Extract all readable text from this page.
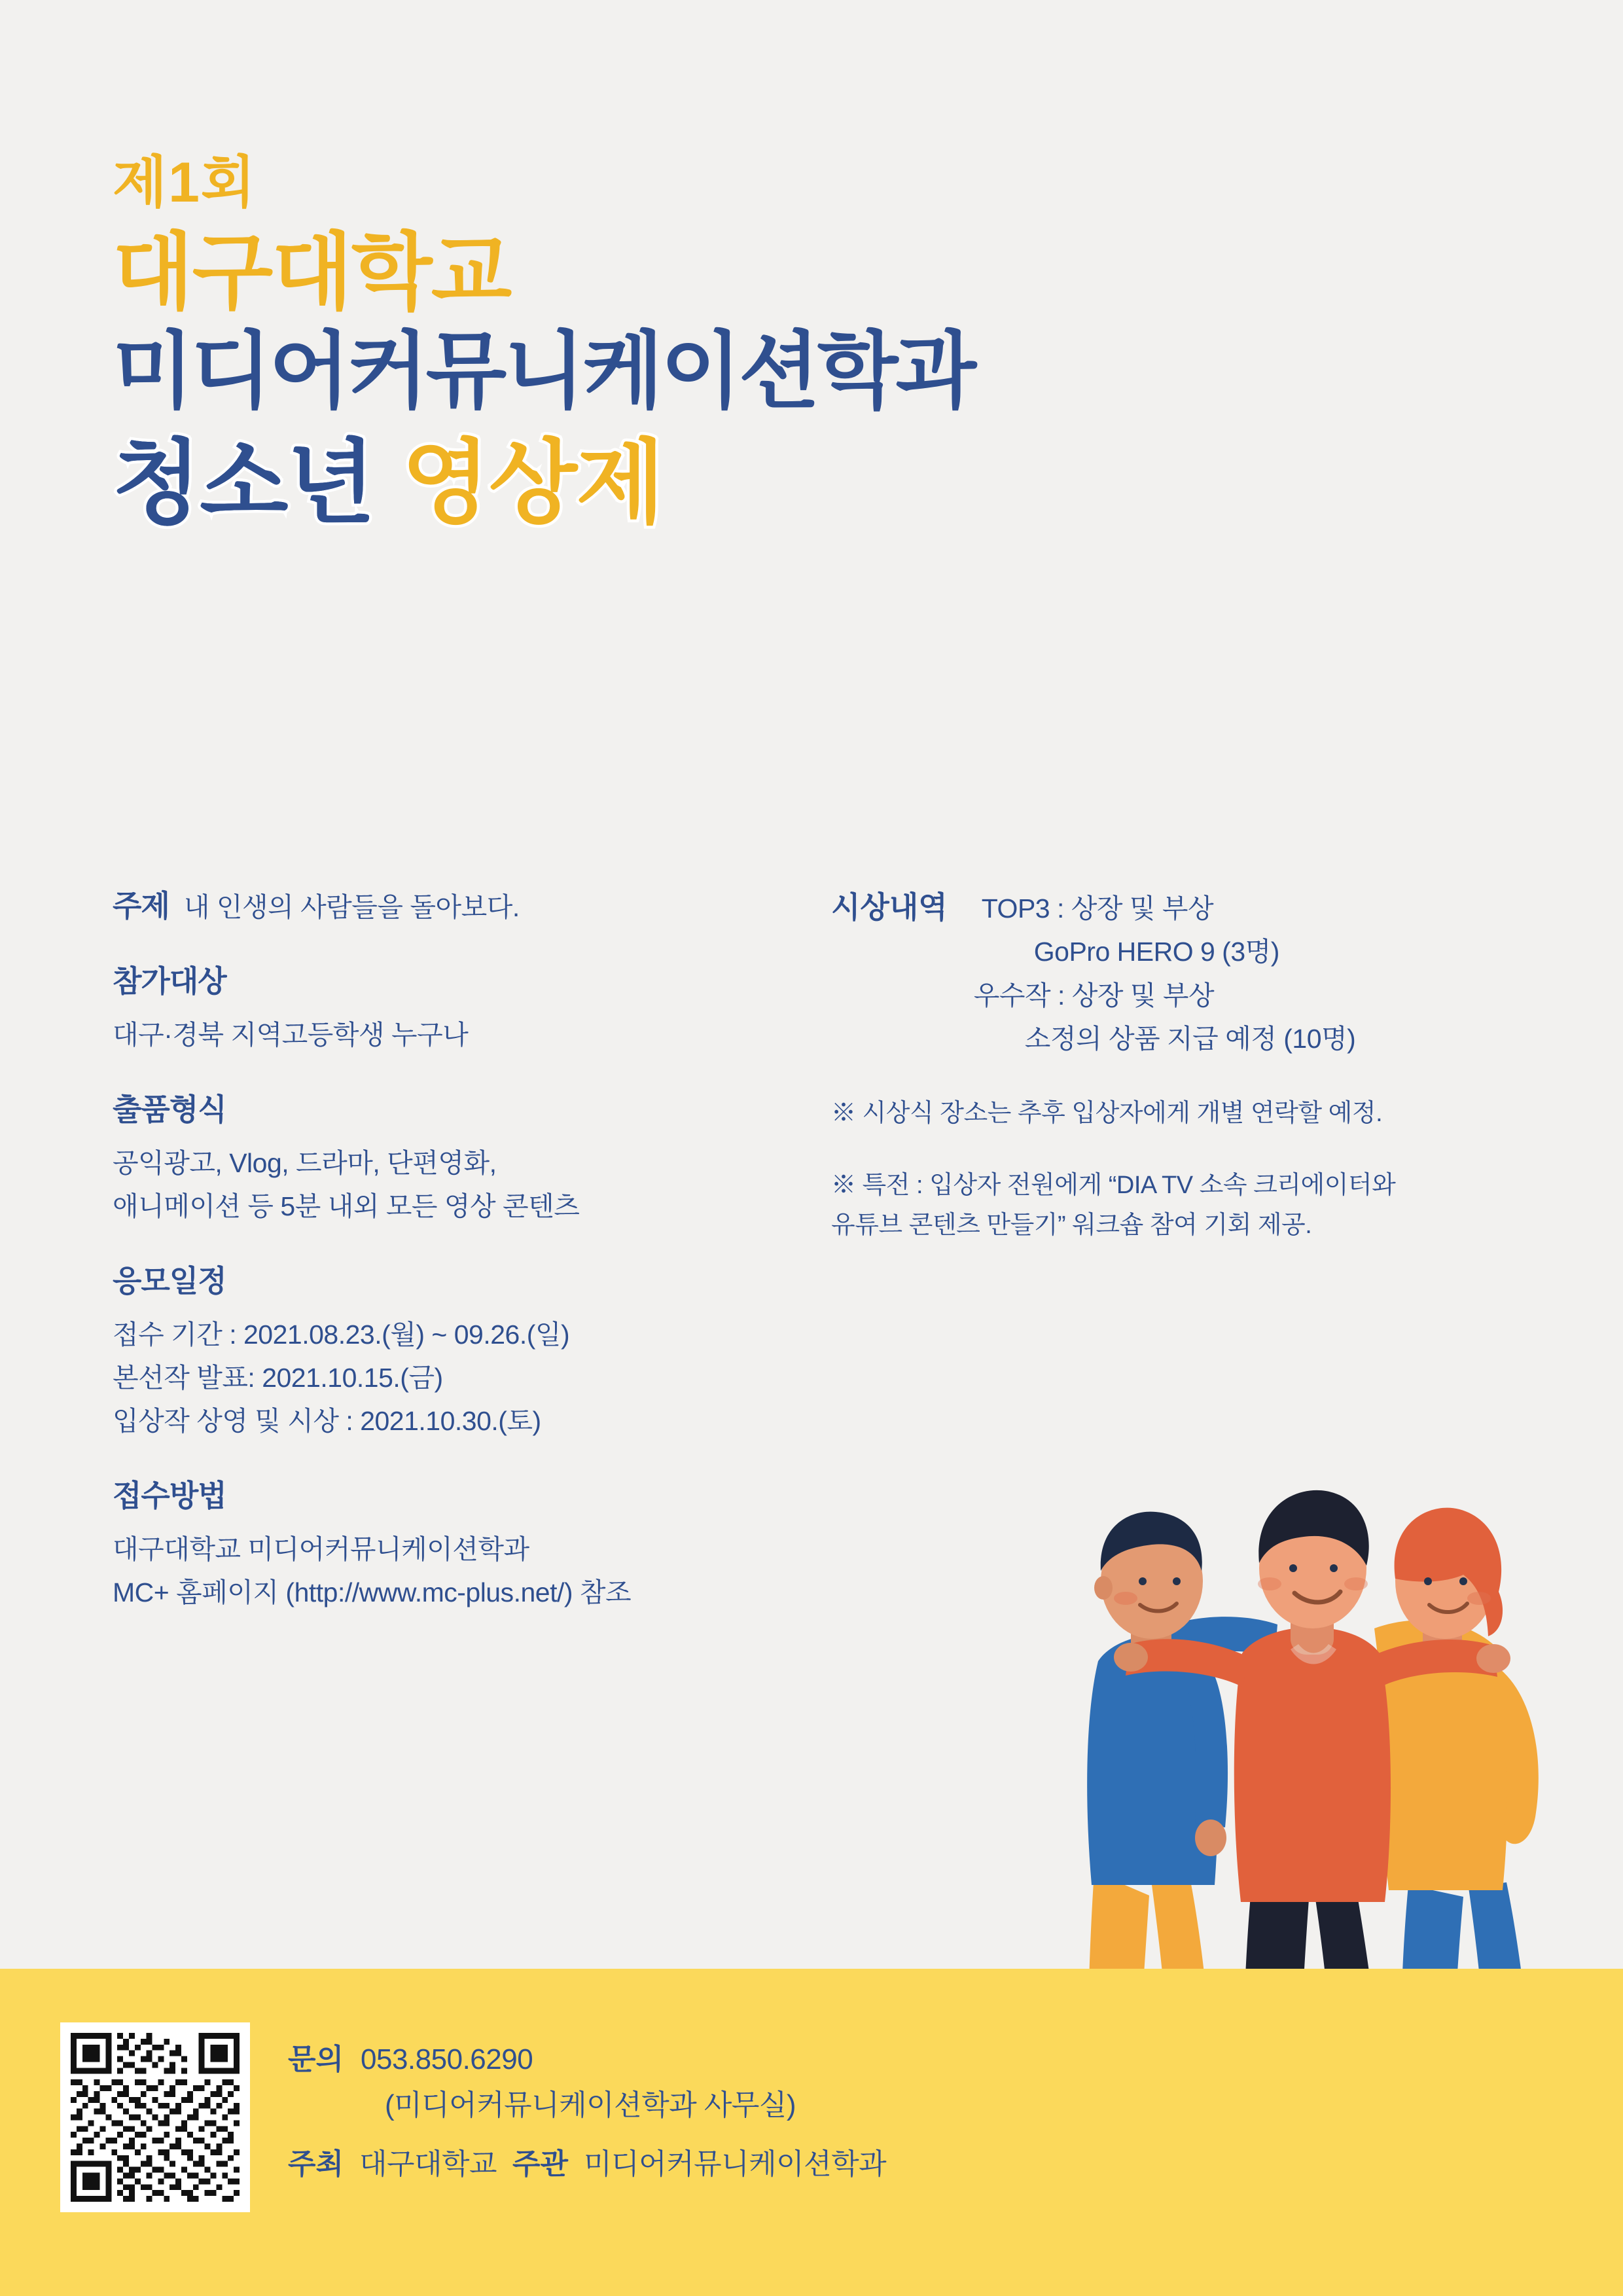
제1회
대구대학교
미디어커뮤니케이션학과
청소년 영상제
주제 내 인생의 사람들을 돌아보다.
참가대상
대구·경북 지역고등학생 누구나
출품형식
공익광고, Vlog, 드라마, 단편영화,
애니메이션 등 5분 내외 모든 영상 콘텐츠
응모일정
접수 기간 : 2021.08.23.(월) ~ 09.26.(일)
본선작 발표: 2021.10.15.(금)
입상작 상영 및 시상 : 2021.10.30.(토)
접수방법
대구대학교 미디어커뮤니케이션학과
MC+ 홈페이지 (http://www.mc-plus.net/) 참조
시상내역 TOP3 : 상장 및 부상
GoPro HERO 9 (3명)
우수작 : 상장 및 부상
소정의 상품 지급 예정 (10명)
※ 시상식 장소는 추후 입상자에게 개별 연락할 예정.
※ 특전 : 입상자 전원에게 “DIA TV 소속 크리에이터와
유튜브 콘텐츠 만들기” 워크숍 참여 기회 제공.
문의 053.850.6290
(미디어커뮤니케이션학과 사무실)
주최 대구대학교 주관 미디어커뮤니케이션학과
